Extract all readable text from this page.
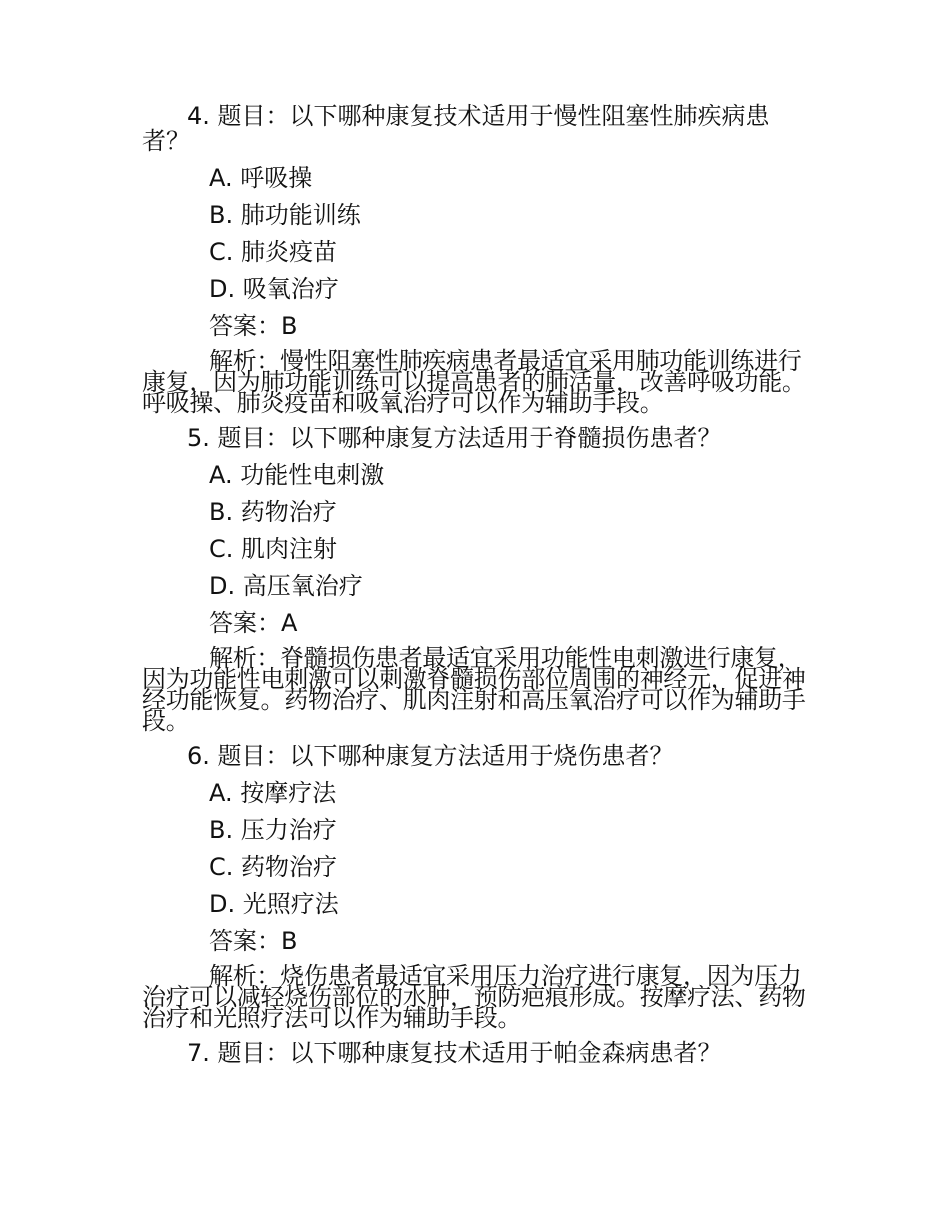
4. 题目：以下哪种康复技术适用于慢性阻塞性肺疾病患者？

A. 呼吸操
B. 肺功能训练
C. 肺炎疫苗
D. 吸氧治疗
答案：B

解析：慢性阻塞性肺疾病患者最适宜采用肺功能训练进行康复，因为肺功能训练可以提高患者的肺活量，改善呼吸功能。呼吸操、肺炎疫苗和吸氧治疗可以作为辅助手段。

5. 题目：以下哪种康复方法适用于脊髓损伤患者？

A. 功能性电刺激
B. 药物治疗
C. 肌肉注射
D. 高压氧治疗
答案：A

解析：脊髓损伤患者最适宜采用功能性电刺激进行康复，因为功能性电刺激可以刺激脊髓损伤部位周围的神经元，促进神经功能恢复。药物治疗、肌肉注射和高压氧治疗可以作为辅助手段。

6. 题目：以下哪种康复方法适用于烧伤患者？

A. 按摩疗法
B. 压力治疗
C. 药物治疗
D. 光照疗法
答案：B

解析：烧伤患者最适宜采用压力治疗进行康复，因为压力治疗可以减轻烧伤部位的水肿，预防疤痕形成。按摩疗法、药物治疗和光照疗法可以作为辅助手段。

7. 题目：以下哪种康复技术适用于帕金森病患者？
